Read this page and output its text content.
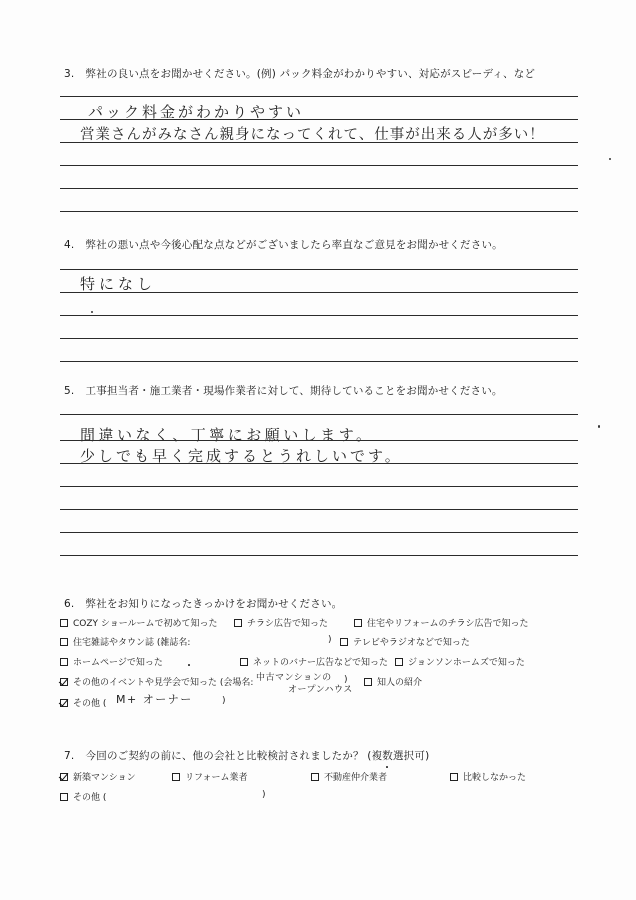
3. 弊社の良い点をお聞かせください。(例) パック料金がわかりやすい、対応がスピーディ、など
パック料金がわかりやすい
営業さんがみなさん親身になってくれて、仕事が出来る人が多い！
4. 弊社の悪い点や今後心配な点などがございましたら率直なご意見をお聞かせください。
特になし
5. 工事担当者・施工業者・現場作業者に対して、期待していることをお聞かせください。
間違いなく、丁寧にお願いします。
少しでも早く完成するとうれしいです。
6. 弊社をお知りになったきっかけをお聞かせください。
COZY ショールームで初めて知った	チラシ広告で知った	住宅やリフォームのチラシ広告で知った
住宅雑誌やタウン誌 (雑誌名:	) テレビやラジオなどで知った
ホームページで知った	ネットのバナー広告などで知った ジョンソンホームズで知った
その他のイベントや見学会で知った (会場名: 中古マンションの
オープンハウス
)	知人の紹介
その他 ( M+ オーナー	)
7. 今回のご契約の前に、他の会社と比較検討されましたか？ (複数選択可)
新築マンション	リフォーム業者	不動産仲介業者	比較しなかった
その他 (	)
